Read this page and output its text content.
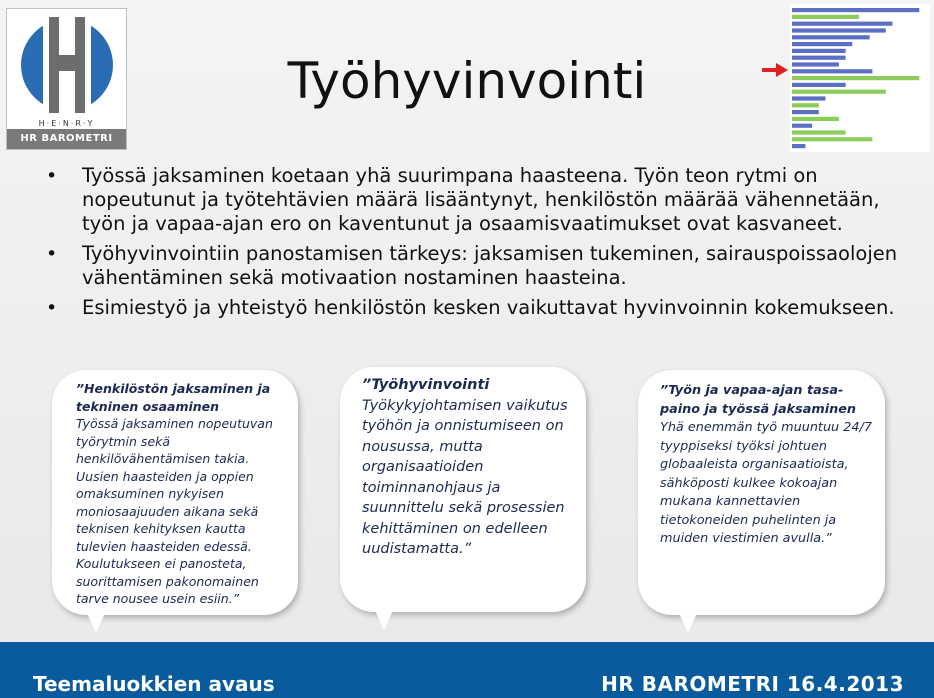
H·E·N·R·Y
HR BAROMETRI
Työhyvinvointi
• Työssä jaksaminen koetaan yhä suurimpana haasteena. Työn teon rytmi on nopeutunut ja työtehtävien määrä lisääntynyt, henkilöstön määrää vähennetään, työn ja vapaa-ajan ero on kaventunut ja osaamisvaatimukset ovat kasvaneet.
• Työhyvinvointiin panostamisen tärkeys: jaksamisen tukeminen, sairauspoissaolojen vähentäminen sekä motivaation nostaminen haasteina.
• Esimiestyö ja yhteistyö henkilöstön kesken vaikuttavat hyvinvoinnin kokemukseen.
”Henkilöstön jaksaminen ja tekninen osaaminen
Työssä jaksaminen nopeutuvan työrytmin sekä henkilövähentämisen takia. Uusien haasteiden ja oppien omaksuminen nykyisen moniosaajuuden aikana sekä teknisen kehityksen kautta tulevien haasteiden edessä. Koulutukseen ei panosteta, suorittamisen pakonomainen tarve nousee usein esiin.”
”Työhyvinvointi
Työkykyjohtamisen vaikutus työhön ja onnistumiseen on nousussa, mutta organisaatioiden toiminnanohjaus ja suunnittelu sekä prosessien kehittäminen on edelleen uudistamatta.”
”Työn ja vapaa-ajan tasa-paino ja työssä jaksaminen
Yhä enemmän työ muuntuu 24/7 tyyppiseksi työksi johtuen globaaleista organisaatioista, sähköposti kulkee kokoajan mukana kannettavien tietokoneiden puhelinten ja muiden viestimien avulla.”
Teemaluokkien avaus	HR BAROMETRI 16.4.2013
